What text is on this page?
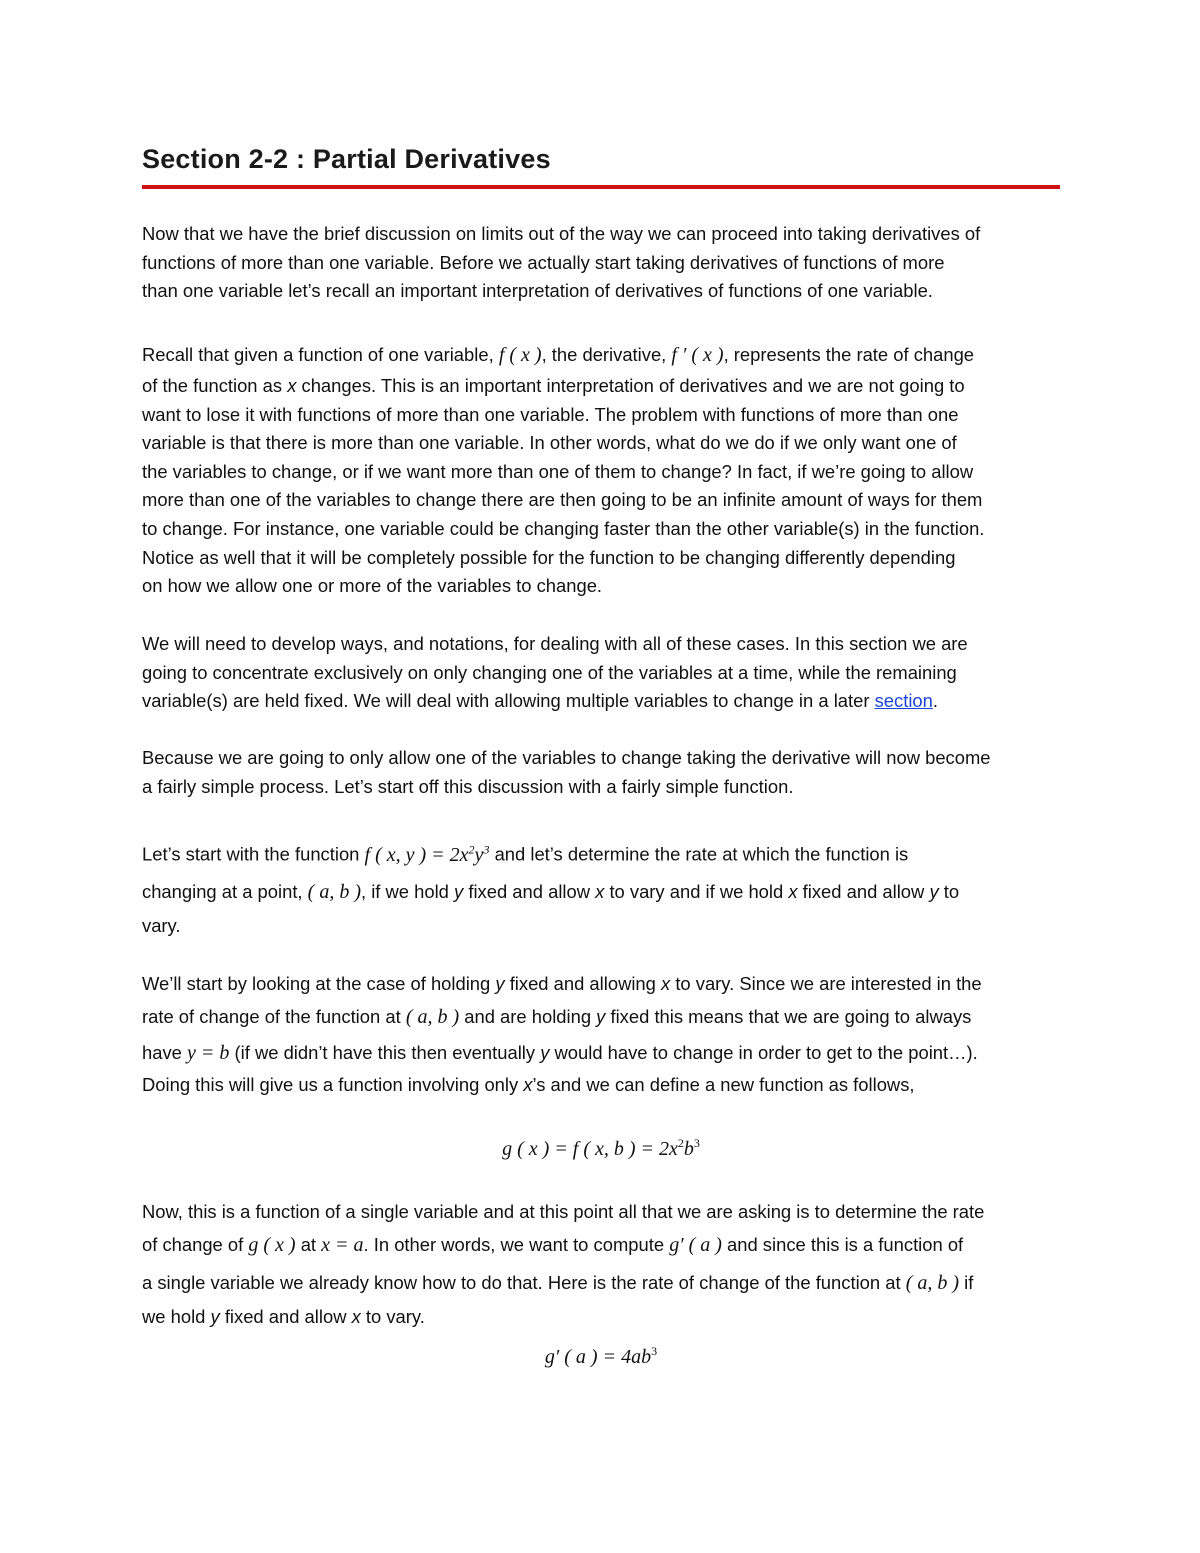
Section 2-2 : Partial Derivatives
Now that we have the brief discussion on limits out of the way we can proceed into taking derivatives of
functions of more than one variable. Before we actually start taking derivatives of functions of more
than one variable let’s recall an important interpretation of derivatives of functions of one variable.
Recall that given a function of one variable, f ( x ), the derivative, f ′ ( x ), represents the rate of change
of the function as x changes. This is an important interpretation of derivatives and we are not going to
want to lose it with functions of more than one variable. The problem with functions of more than one
variable is that there is more than one variable. In other words, what do we do if we only want one of
the variables to change, or if we want more than one of them to change? In fact, if we’re going to allow
more than one of the variables to change there are then going to be an infinite amount of ways for them
to change. For instance, one variable could be changing faster than the other variable(s) in the function.
Notice as well that it will be completely possible for the function to be changing differently depending
on how we allow one or more of the variables to change.
We will need to develop ways, and notations, for dealing with all of these cases. In this section we are
going to concentrate exclusively on only changing one of the variables at a time, while the remaining
variable(s) are held fixed. We will deal with allowing multiple variables to change in a later section.
Because we are going to only allow one of the variables to change taking the derivative will now become
a fairly simple process. Let’s start off this discussion with a fairly simple function.
Let’s start with the function f ( x, y ) = $2x^2y^3$ and let’s determine the rate at which the function is
changing at a point, ( a, b ), if we hold y fixed and allow x to vary and if we hold x fixed and allow y to
vary.
We’ll start by looking at the case of holding y fixed and allowing x to vary. Since we are interested in the
rate of change of the function at ( a, b ) and are holding y fixed this means that we are going to always
have y = b (if we didn’t have this then eventually y would have to change in order to get to the point…).
Doing this will give us a function involving only x’s and we can define a new function as follows,
g ( x ) = f ( x, b ) = $2x^2b^3$
Now, this is a function of a single variable and at this point all that we are asking is to determine the rate
of change of g ( x ) at x = a. In other words, we want to compute g′ ( a ) and since this is a function of
a single variable we already know how to do that. Here is the rate of change of the function at ( a, b ) if
we hold y fixed and allow x to vary.
g′ ( a ) = $4ab^3$
